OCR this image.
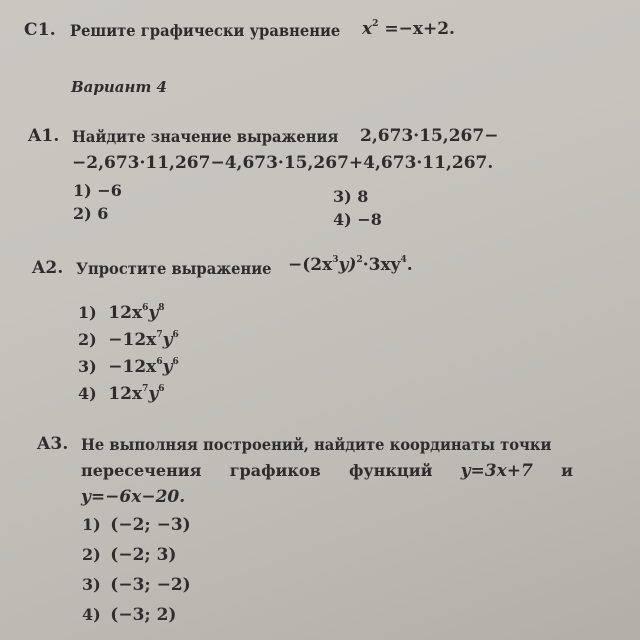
C1. Решите графически уравнение $x^2 =-x+2$.
Вариант 4
A1. Найдите значение выражения 2,673·15,267−
−2,673·11,267−4,673·15,267+4,673·11,267.
1) −6
2) 6
3) 8
4) −8
A2. Упростите выражение $-(2x^3y)^2\cdot 3xy^4$.
1) $12x^6y^8$
$2) -12x^7y^6$
$3) -12x^6y^6$
4) $12x^7y^6$
A3. Не выполняя построений, найдите координаты точки
пересечения графиков функций y=3x+7 и
y=−6x−20.
1) (−2; −3)
2) (−2; 3)
3) (−3; −2)
4) (−3; 2)
